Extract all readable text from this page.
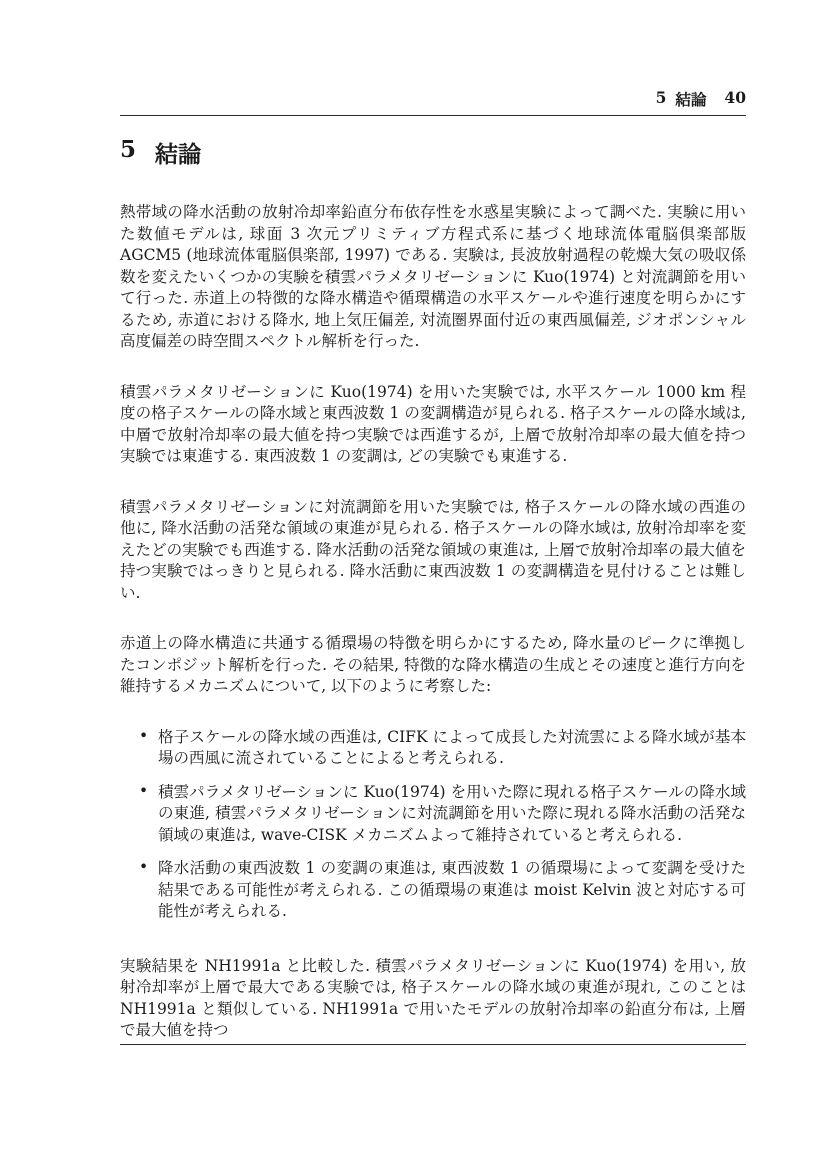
5 結論 40
5 結論

熱帯域の降水活動の放射冷却率鉛直分布依存性を水惑星実験によって調べた. 実験に用いた数値モデルは, 球面 3 次元プリミティブ方程式系に基づく地球流体電脳倶楽部版 AGCM5 (地球流体電脳倶楽部, 1997) である. 実験は, 長波放射過程の乾燥大気の吸収係数を変えたいくつかの実験を積雲パラメタリゼーションに Kuo(1974) と対流調節を用いて行った. 赤道上の特徴的な降水構造や循環構造の水平スケールや進行速度を明らかにするため, 赤道における降水, 地上気圧偏差, 対流圏界面付近の東西風偏差, ジオポンシャル高度偏差の時空間スペクトル解析を行った.

積雲パラメタリゼーションに Kuo(1974) を用いた実験では, 水平スケール 1000 km 程度の格子スケールの降水域と東西波数 1 の変調構造が見られる. 格子スケールの降水域は, 中層で放射冷却率の最大値を持つ実験では西進するが, 上層で放射冷却率の最大値を持つ実験では東進する. 東西波数 1 の変調は, どの実験でも東進する.

積雲パラメタリゼーションに対流調節を用いた実験では, 格子スケールの降水域の西進の他に, 降水活動の活発な領域の東進が見られる. 格子スケールの降水域は, 放射冷却率を変えたどの実験でも西進する. 降水活動の活発な領域の東進は, 上層で放射冷却率の最大値を持つ実験ではっきりと見られる. 降水活動に東西波数 1 の変調構造を見付けることは難しい.

赤道上の降水構造に共通する循環場の特徴を明らかにするため, 降水量のピークに準拠したコンポジット解析を行った. その結果, 特徴的な降水構造の生成とその速度と進行方向を維持するメカニズムについて, 以下のように考察した:

• 格子スケールの降水域の西進は, CIFK によって成長した対流雲による降水域が基本場の西風に流されていることによると考えられる.
• 積雲パラメタリゼーションに Kuo(1974) を用いた際に現れる格子スケールの降水域の東進, 積雲パラメタリゼーションに対流調節を用いた際に現れる降水活動の活発な領域の東進は, wave-CISK メカニズムよって維持されていると考えられる.
• 降水活動の東西波数 1 の変調の東進は, 東西波数 1 の循環場によって変調を受けた結果である可能性が考えられる. この循環場の東進は moist Kelvin 波と対応する可能性が考えられる.

実験結果を NH1991a と比較した. 積雲パラメタリゼーションに Kuo(1974) を用い, 放射冷却率が上層で最大である実験では, 格子スケールの降水域の東進が現れ, このことは NH1991a と類似している. NH1991a で用いたモデルの放射冷却率の鉛直分布は, 上層で最大値を持つ
